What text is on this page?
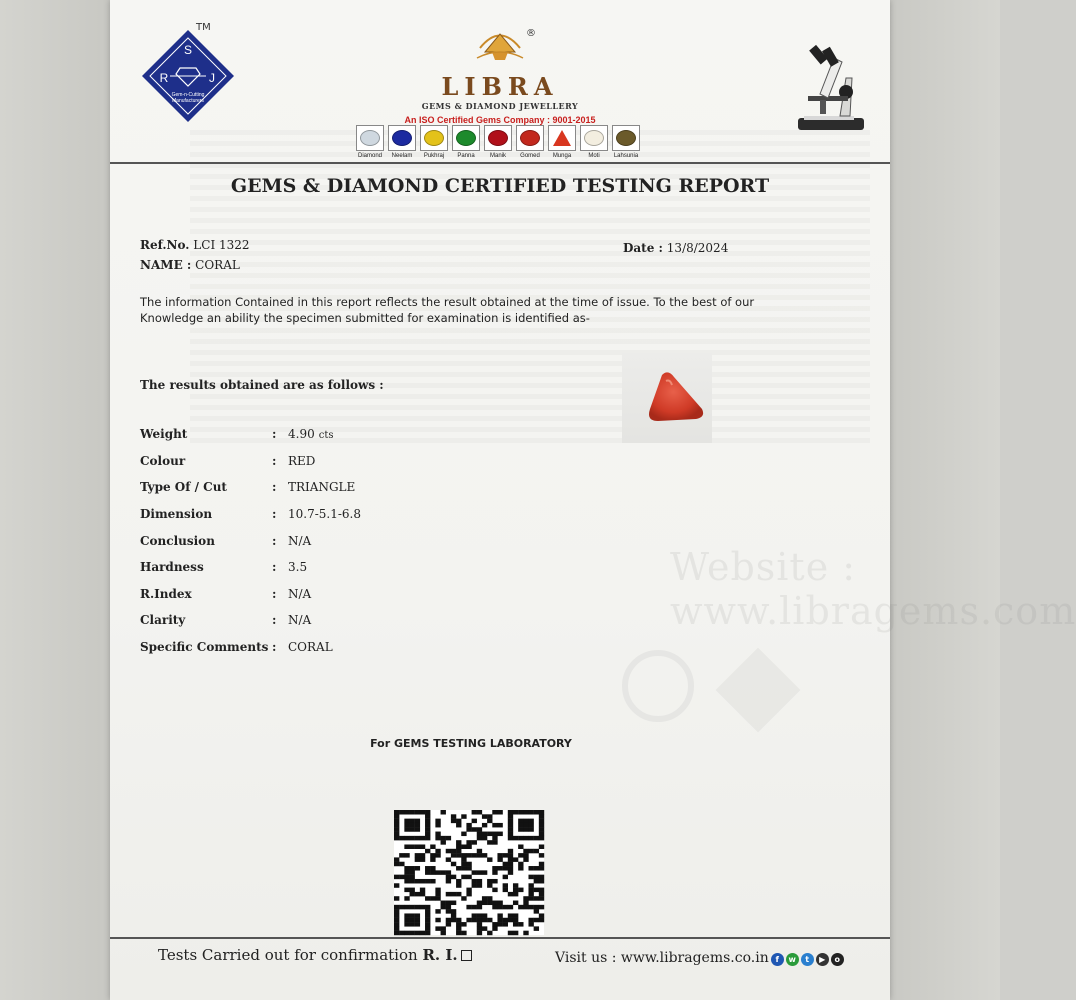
Website : www.libragems.com
S
R	J
Gem-n-Cutting
Manufacturers
TM
®
LIBRA
GEMS & DIAMOND JEWELLERY
An ISO Certified Gems Company : 9001-2015
Diamond Neelam Pukhraj Panna	Manik Gomed Munga	Moti Lahsunia
GEMS & DIAMOND CERTIFIED TESTING REPORT
Ref.No. LCI 1322
NAME : CORAL
Date : 13/8/2024
The information Contained in this report reflects the result obtained at the time of issue. To the best of our
Knowledge an ability the specimen submitted for examination is identified as-
The results obtained are as follows :
Weight	: 4.90 cts
Colour	: RED
Type Of / Cut	: TRIANGLE
Dimension	: 10.7-5.1-6.8
Conclusion	: N/A
Hardness	: 3.5
R.Index	: N/A
Clarity	: N/A
Specific Comments : CORAL
For GEMS TESTING LABORATORY
Tests Carried out for confirmation R. I.	Visit us : www.libragems.co.in f w t ▶ o
